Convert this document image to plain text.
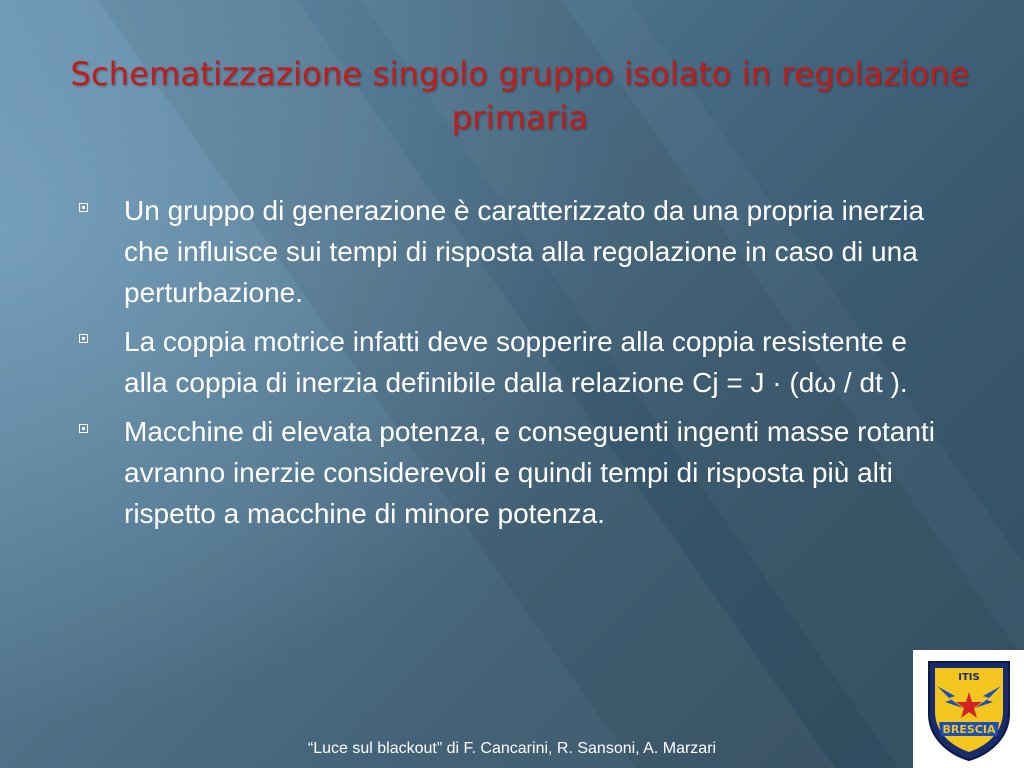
Schematizzazione singolo gruppo isolato in regolazione primaria
Un gruppo di generazione è caratterizzato da una propria inerzia che influisce sui tempi di risposta alla regolazione in caso di una perturbazione.
La coppia motrice infatti deve sopperire alla coppia resistente e alla coppia di inerzia definibile dalla relazione Cj = J · (dω / dt ).
Macchine di elevata potenza, e conseguenti ingenti masse rotanti avranno inerzie considerevoli e quindi tempi di risposta più alti rispetto a macchine di minore potenza.
“Luce sul blackout” di F. Cancarini, R. Sansoni, A. Marzari
ITIS
BRESCIA
